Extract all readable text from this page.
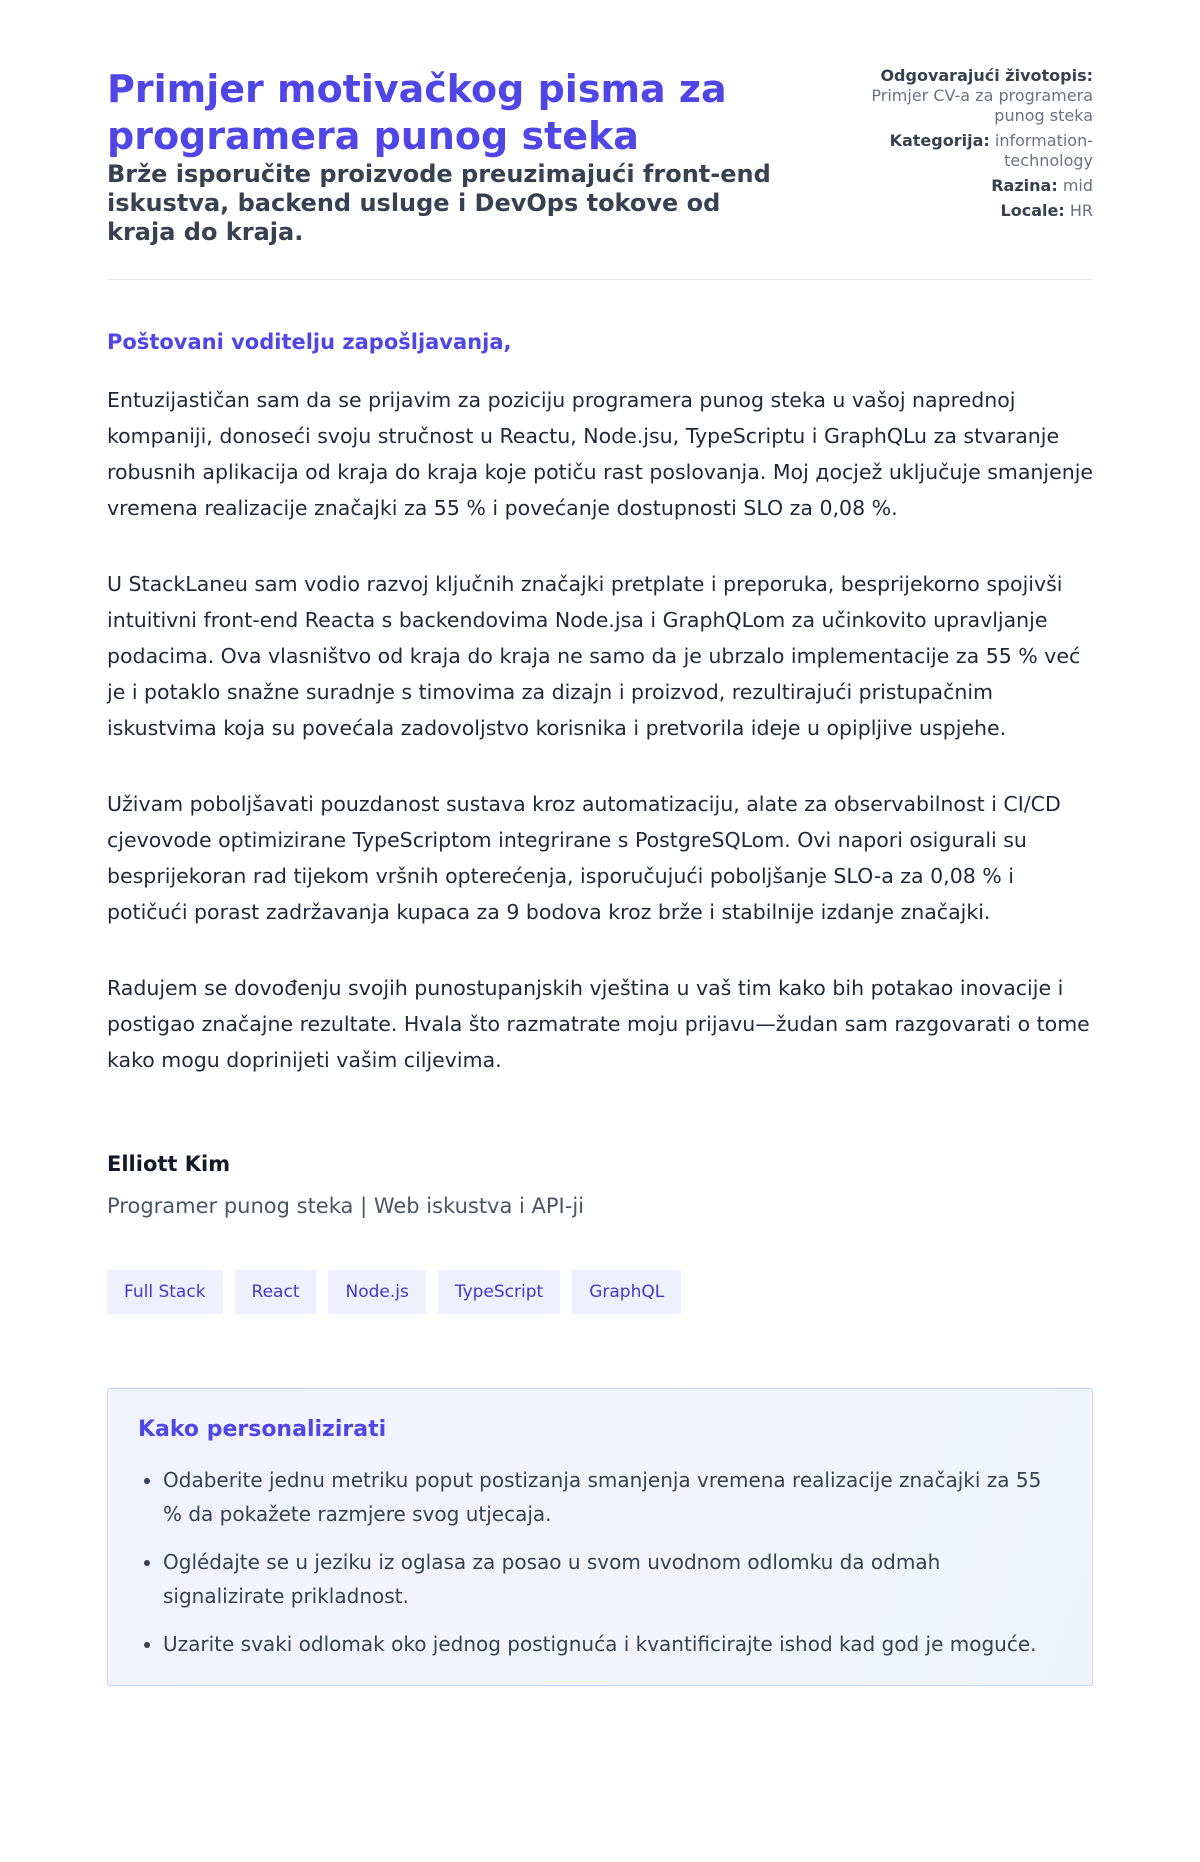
Primjer motivačkog pisma za programera punog steka

Brže isporučite proizvode preuzimajući front-end iskustva, backend usluge i DevOps tokove od kraja do kraja.

Odgovarajući životopis:
Primjer CV-a za programera punog steka
Kategorija: information-technology
Razina: mid
Locale: HR

Poštovani voditelju zapošljavanja,

Entuzijastičan sam da se prijavim za poziciju programera punog steka u vašoj naprednoj kompaniji, donoseći svoju stručnost u Reactu, Node.jsu, TypeScriptu i GraphQLu za stvaranje robusnih aplikacija od kraja do kraja koje potiču rast poslovanja. Moj досјеž uključuje smanjenje vremena realizacije značajki za 55 % i povećanje dostupnosti SLO za 0,08 %.

U StackLaneu sam vodio razvoj ključnih značajki pretplate i preporuka, besprijekorno spojivši intuitivni front-end Reacta s backendovima Node.jsa i GraphQLom za učinkovito upravljanje podacima. Ova vlasništvo od kraja do kraja ne samo da je ubrzalo implementacije za 55 % već je i potaklo snažne suradnje s timovima za dizajn i proizvod, rezultirajući pristupačnim iskustvima koja su povećala zadovoljstvo korisnika i pretvorila ideje u opipljive uspjehe.

Uživam poboljšavati pouzdanost sustava kroz automatizaciju, alate za observabilnost i CI/CD cjevovode optimizirane TypeScriptom integrirane s PostgreSQLom. Ovi napori osigurali su besprijekoran rad tijekom vršnih opterećenja, isporučujući poboljšanje SLO-a za 0,08 % i potičući porast zadržavanja kupaca za 9 bodova kroz brže i stabilnije izdanje značajki.

Radujem se dovođenju svojih punostupanjskih vještina u vaš tim kako bih potakao inovacije i postigao značajne rezultate. Hvala što razmatrate moju prijavu—žudan sam razgovarati o tome kako mogu doprinijeti vašim ciljevima.

Elliott Kim

Programer punog steka | Web iskustva i API-ji

Full Stack	React	Node.js	TypeScript	GraphQL
Kako personalizirati
• Odaberite jednu metriku poput postizanja smanjenja vremena realizacije značajki za 55 % da pokažete razmjere svog utjecaja.
• Oglédajte se u jeziku iz oglasa za posao u svom uvodnom odlomku da odmah signalizirate prikladnost.
• Uzarite svaki odlomak oko jednog postignuća i kvantificirajte ishod kad god je moguće.
